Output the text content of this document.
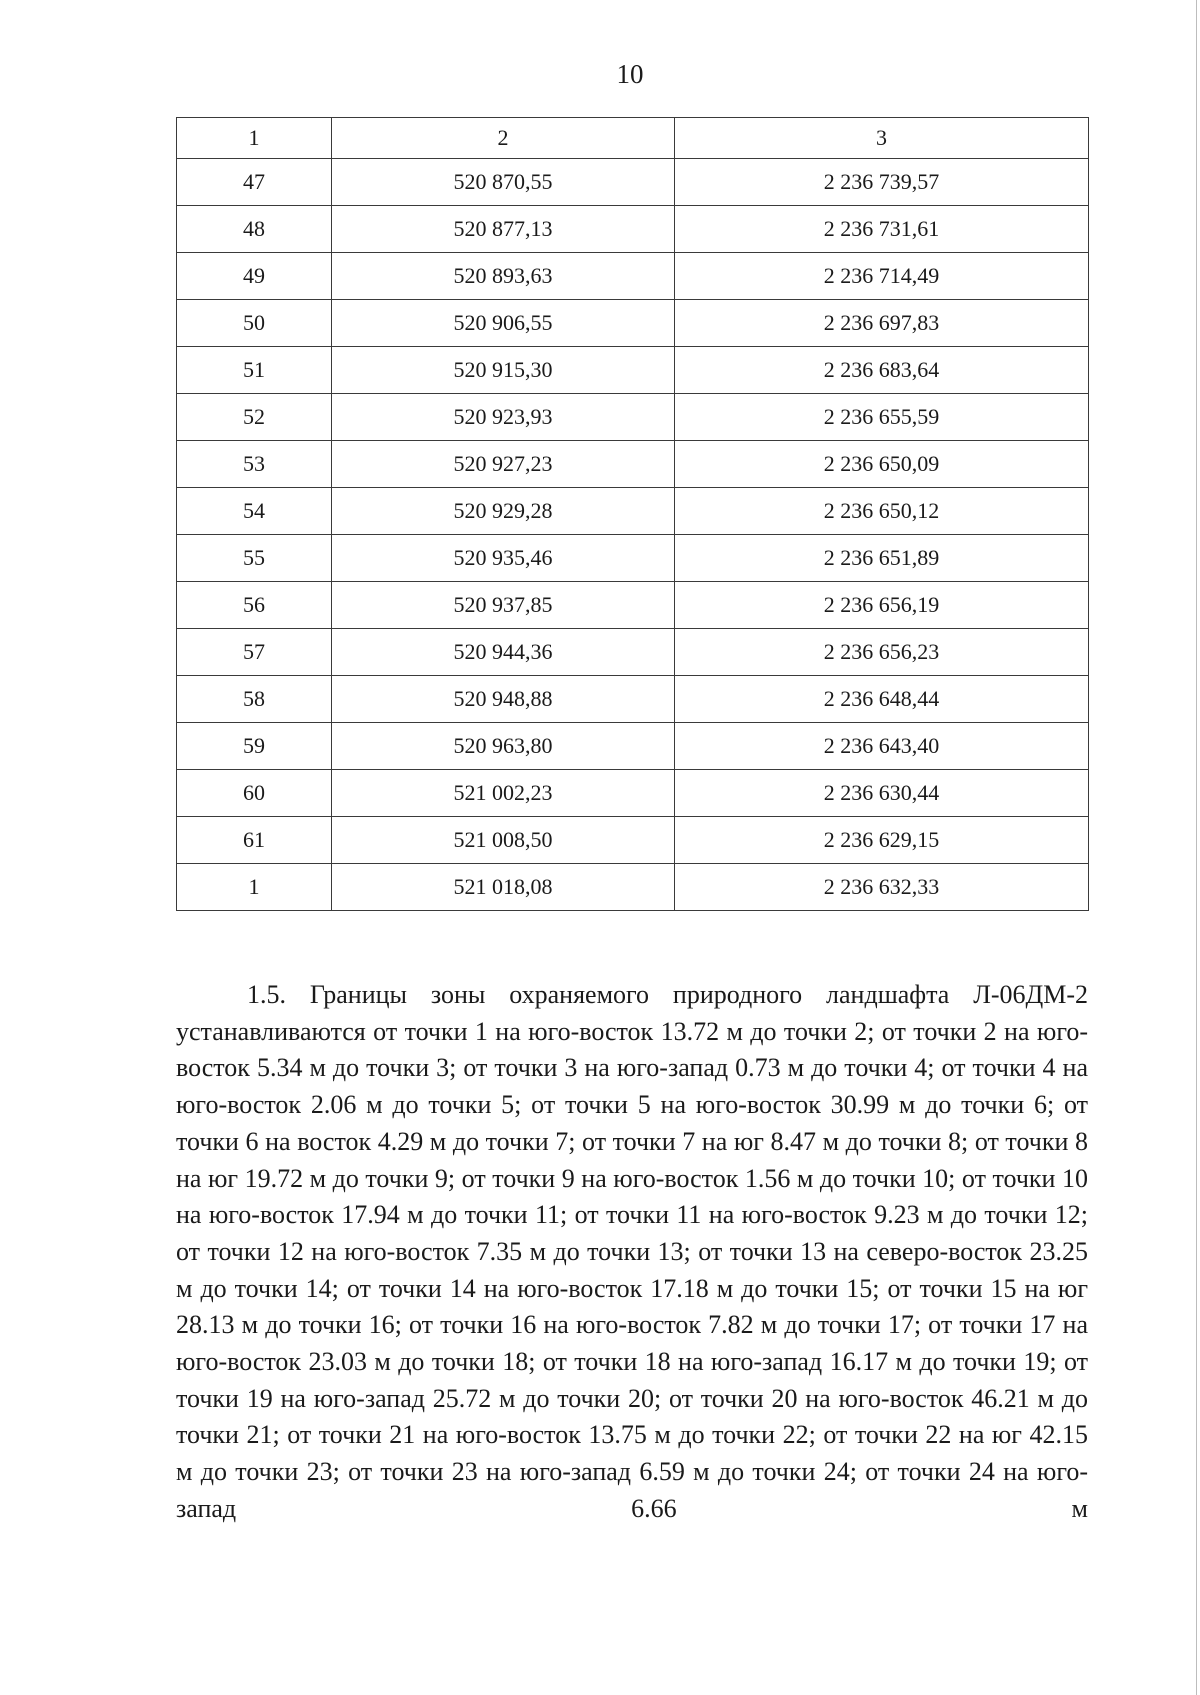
10
1	2	3
47	520 870,55	2 236 739,57
48	520 877,13	2 236 731,61
49	520 893,63	2 236 714,49
50	520 906,55	2 236 697,83
51	520 915,30	2 236 683,64
52	520 923,93	2 236 655,59
53	520 927,23	2 236 650,09
54	520 929,28	2 236 650,12
55	520 935,46	2 236 651,89
56	520 937,85	2 236 656,19
57	520 944,36	2 236 656,23
58	520 948,88	2 236 648,44
59	520 963,80	2 236 643,40
60	521 002,23	2 236 630,44
61	521 008,50	2 236 629,15
1	521 018,08	2 236 632,33

1.5. Границы зоны охраняемого природного ландшафта Л-06ДМ-2 устанавливаются от точки 1 на юго-восток 13.72 м до точки 2; от точки 2 на юго-восток 5.34 м до точки 3; от точки 3 на юго-запад 0.73 м до точки 4; от точки 4 на юго-восток 2.06 м до точки 5; от точки 5 на юго-восток 30.99 м до точки 6; от точки 6 на восток 4.29 м до точки 7; от точки 7 на юг 8.47 м до точки 8; от точки 8 на юг 19.72 м до точки 9; от точки 9 на юго-восток 1.56 м до точки 10; от точки 10 на юго-восток 17.94 м до точки 11; от точки 11 на юго-восток 9.23 м до точки 12; от точки 12 на юго-восток 7.35 м до точки 13; от точки 13 на северо-восток 23.25 м до точки 14; от точки 14 на юго-восток 17.18 м до точки 15; от точки 15 на юг 28.13 м до точки 16; от точки 16 на юго-восток 7.82 м до точки 17; от точки 17 на юго-восток 23.03 м до точки 18; от точки 18 на юго-запад 16.17 м до точки 19; от точки 19 на юго-запад 25.72 м до точки 20; от точки 20 на юго-восток 46.21 м до точки 21; от точки 21 на юго-восток 13.75 м до точки 22; от точки 22 на юг 42.15 м до точки 23; от точки 23 на юго-запад 6.59 м до точки 24; от точки 24 на юго-запад 6.66 м
